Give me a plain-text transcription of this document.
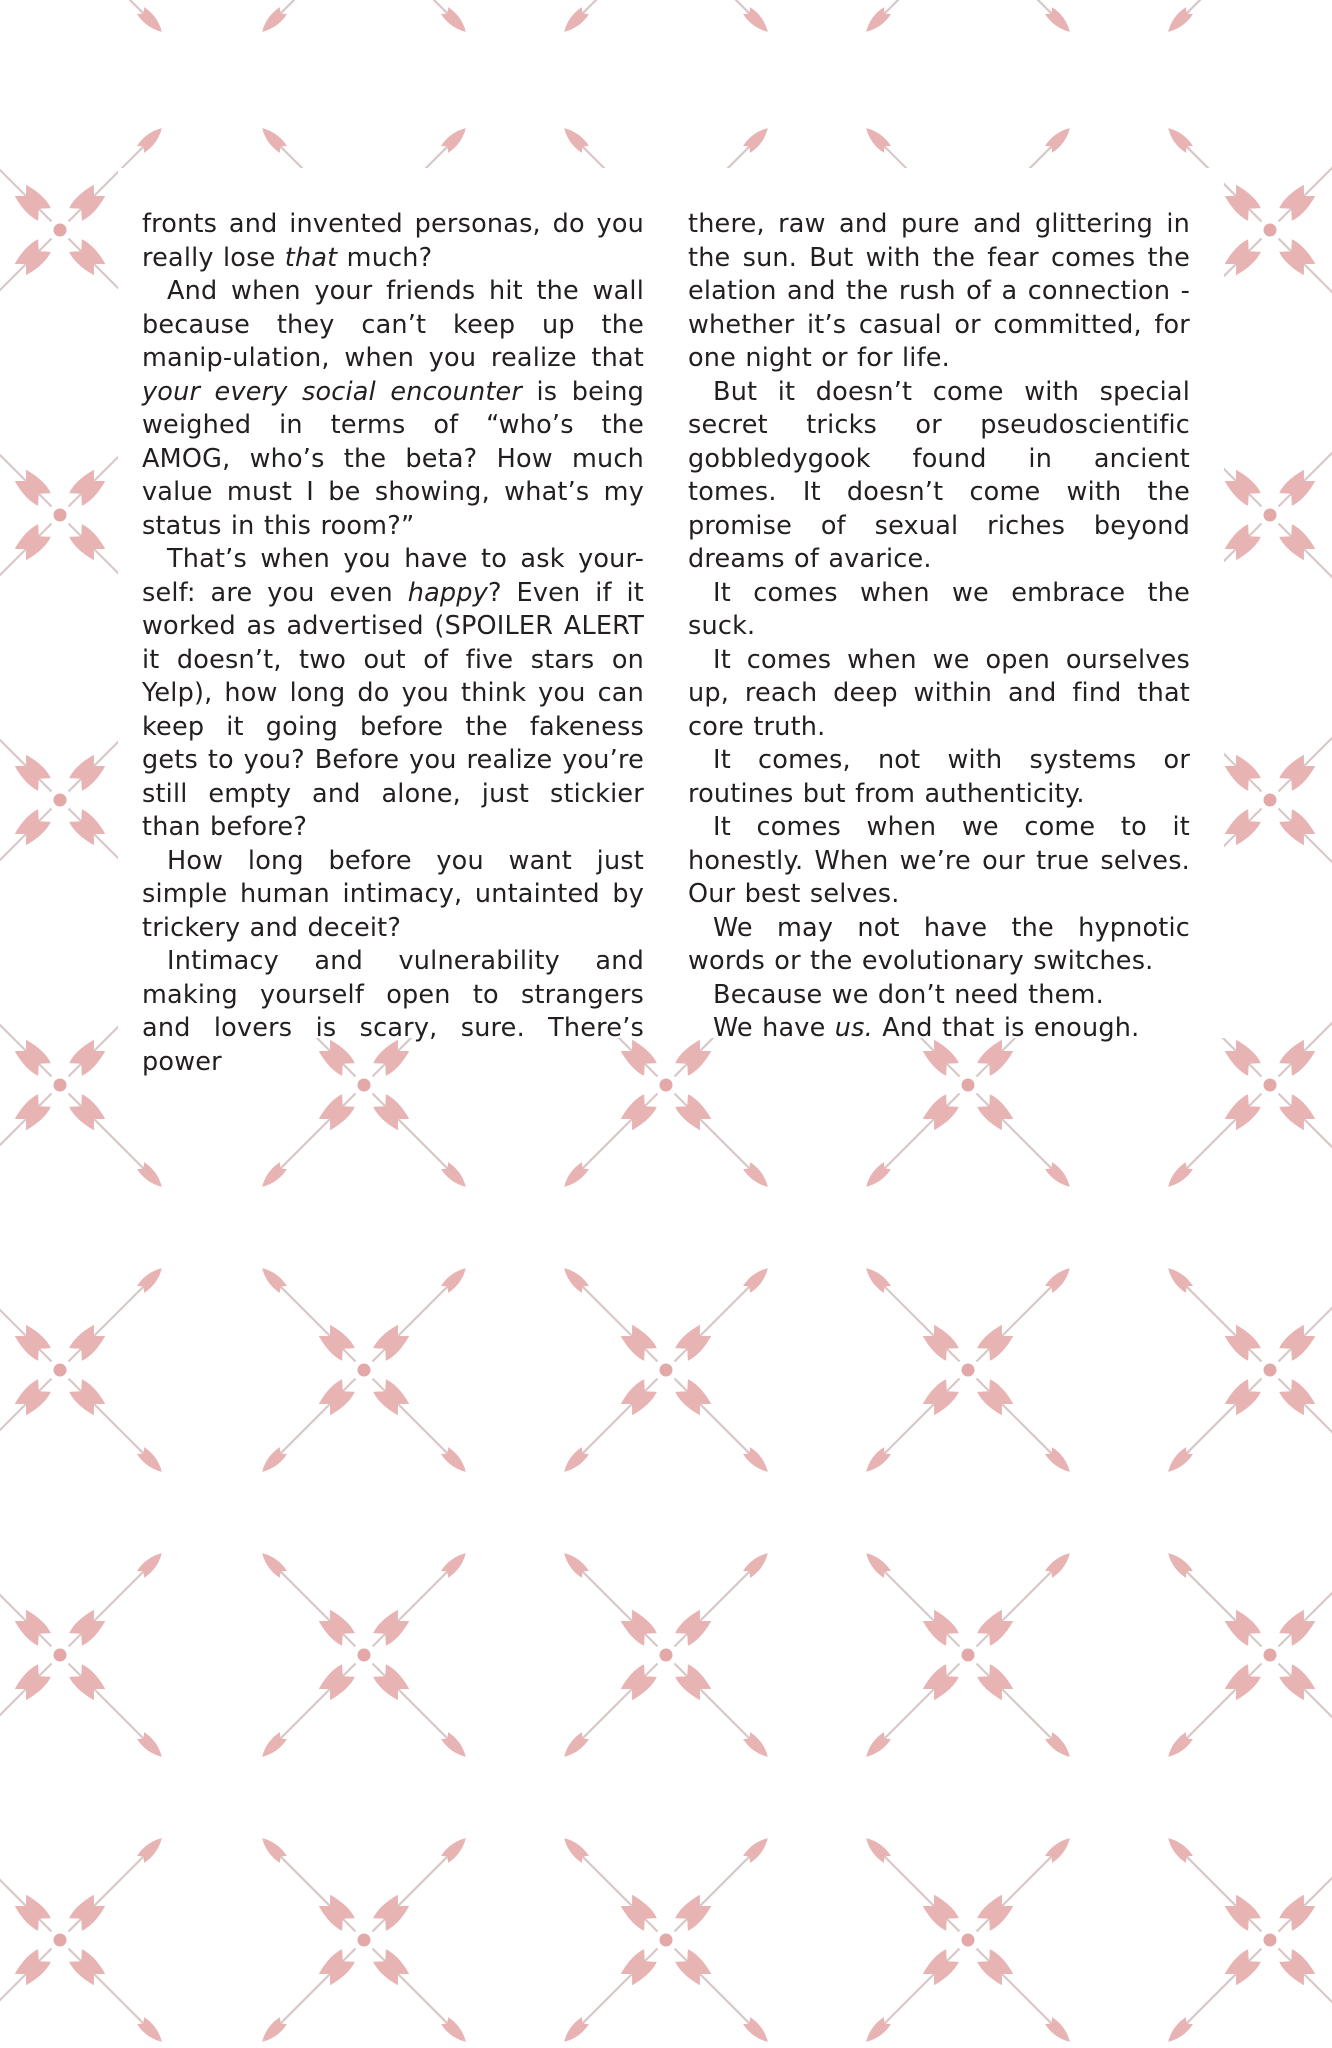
fronts and invented personas, do you really lose that much?

And when your friends hit the wall because they can’t keep up the manip-ulation, when you realize that your every social encounter is being weighed in terms of “who’s the AMOG, who’s the beta? How much value must I be showing, what’s my status in this room?”

That’s when you have to ask your-self: are you even happy? Even if it worked as advertised (SPOILER ALERT it doesn’t, two out of five stars on Yelp), how long do you think you can keep it going before the fakeness gets to you? Before you realize you’re still empty and alone, just stickier than before?

How long before you want just simple human intimacy, untainted by trickery and deceit?

Intimacy and vulnerability and making yourself open to strangers and lovers is scary, sure. There’s power

there, raw and pure and glittering in the sun. But with the fear comes the elation and the rush of a connection - whether it’s casual or committed, for one night or for life.

But it doesn’t come with special secret tricks or pseudoscientific gobbledygook found in ancient tomes. It doesn’t come with the promise of sexual riches beyond dreams of avarice.

It comes when we embrace the suck.

It comes when we open ourselves up, reach deep within and find that core truth.

It comes, not with systems or routines but from authenticity.

It comes when we come to it honestly. When we’re our true selves. Our best selves.

We may not have the hypnotic words or the evolutionary switches.

Because we don’t need them.

We have us. And that is enough.
